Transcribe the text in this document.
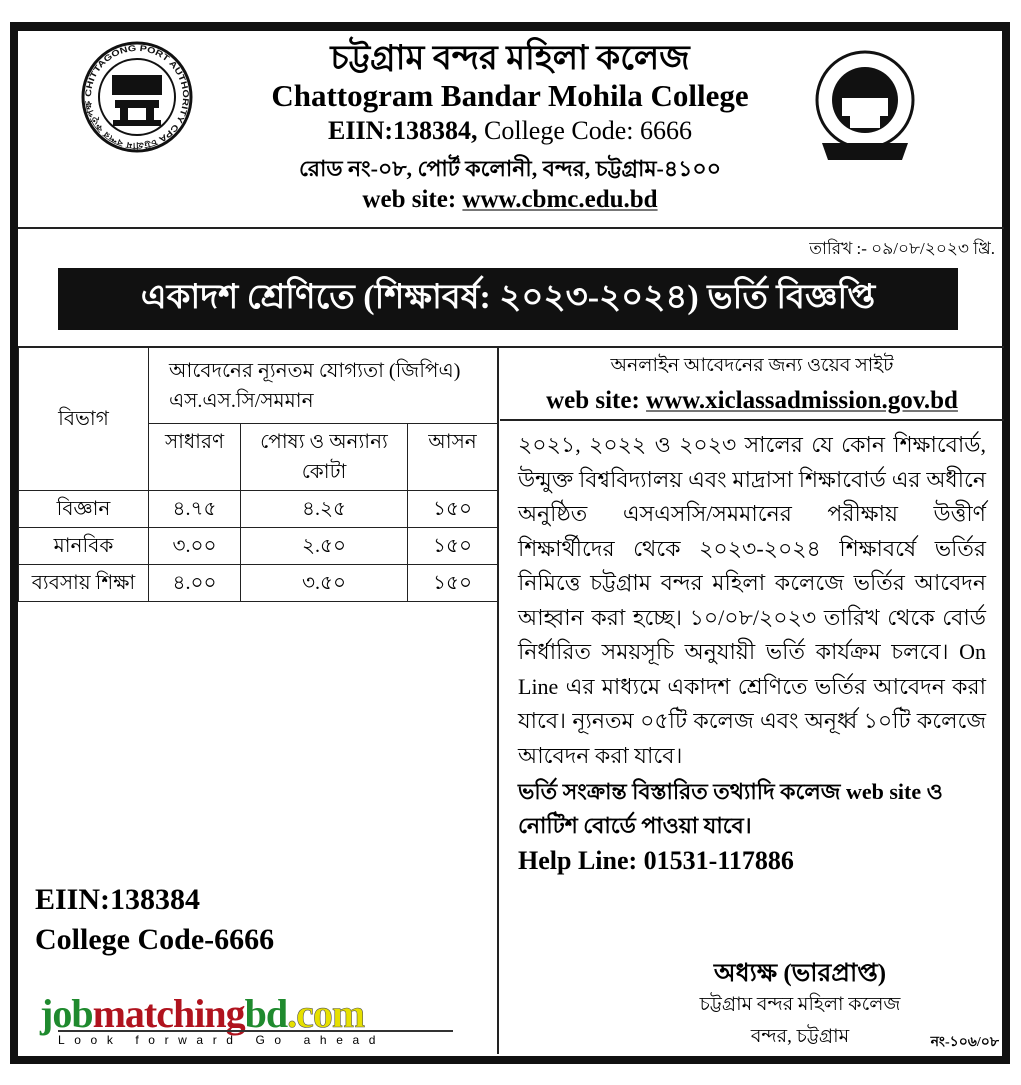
CHITTAGONG PORT AUTHORITY CPA চট্টগ্রাম বন্দর কর্তৃপক্ষ
চট্টগ্রাম বন্দর মহিলা কলেজ
Chattogram Bandar Mohila College
EIIN:138384, College Code: 6666
রোড নং-০৮, পোর্ট কলোনী, বন্দর, চট্টগ্রাম-৪১০০
web site: www.cbmc.edu.bd
তারিখ :- ০৯/০৮/২০২৩ খ্রি.
একাদশ শ্রেণিতে (শিক্ষাবর্ষ: ২০২৩-২০২৪) ভর্তি বিজ্ঞপ্তি
বিভাগ	আবেদনের ন্যূনতম যোগ্যতা (জিপিএ) এস.এস.সি/সমমান		
	সাধারণ	পোষ্য ও অন্যান্য কোটা	আসন
বিজ্ঞান	৪.৭৫	৪.২৫	১৫০
মানবিক	৩.০০	২.৫০	১৫০
ব্যবসায় শিক্ষা	৪.০০	৩.৫০	১৫০
অনলাইন আবেদনের জন্য ওয়েব সাইট
web site: www.xiclassadmission.gov.bd
২০২১, ২০২২ ও ২০২৩ সালের যে কোন শিক্ষাবোর্ড, উন্মুক্ত বিশ্ববিদ্যালয় এবং মাদ্রাসা শিক্ষাবোর্ড এর অধীনে অনুষ্ঠিত এসএসসি/সমমানের পরীক্ষায় উত্তীর্ণ শিক্ষার্থীদের থেকে ২০২৩-২০২৪ শিক্ষাবর্ষে ভর্তির নিমিত্তে চট্টগ্রাম বন্দর মহিলা কলেজে ভর্তির আবেদন আহ্বান করা হচ্ছে। ১০/০৮/২০২৩ তারিখ থেকে বোর্ড নির্ধারিত সময়সূচি অনুযায়ী ভর্তি কার্যক্রম চলবে। On Line এর মাধ্যমে একাদশ শ্রেণিতে ভর্তির আবেদন করা যাবে। ন্যূনতম ০৫টি কলেজ এবং অনূর্ধ্ব ১০টি কলেজে আবেদন করা যাবে।
ভর্তি সংক্রান্ত বিস্তারিত তথ্যাদি কলেজ web site ও নোটিশ বোর্ডে পাওয়া যাবে।
Help Line: 01531-117886
EIIN:138384
College Code-6666
jobmatchingbd.com
Look forward Go ahead
অধ্যক্ষ (ভারপ্রাপ্ত)
চট্টগ্রাম বন্দর মহিলা কলেজ
বন্দর, চট্টগ্রাম	নং-১০৬/০৮
